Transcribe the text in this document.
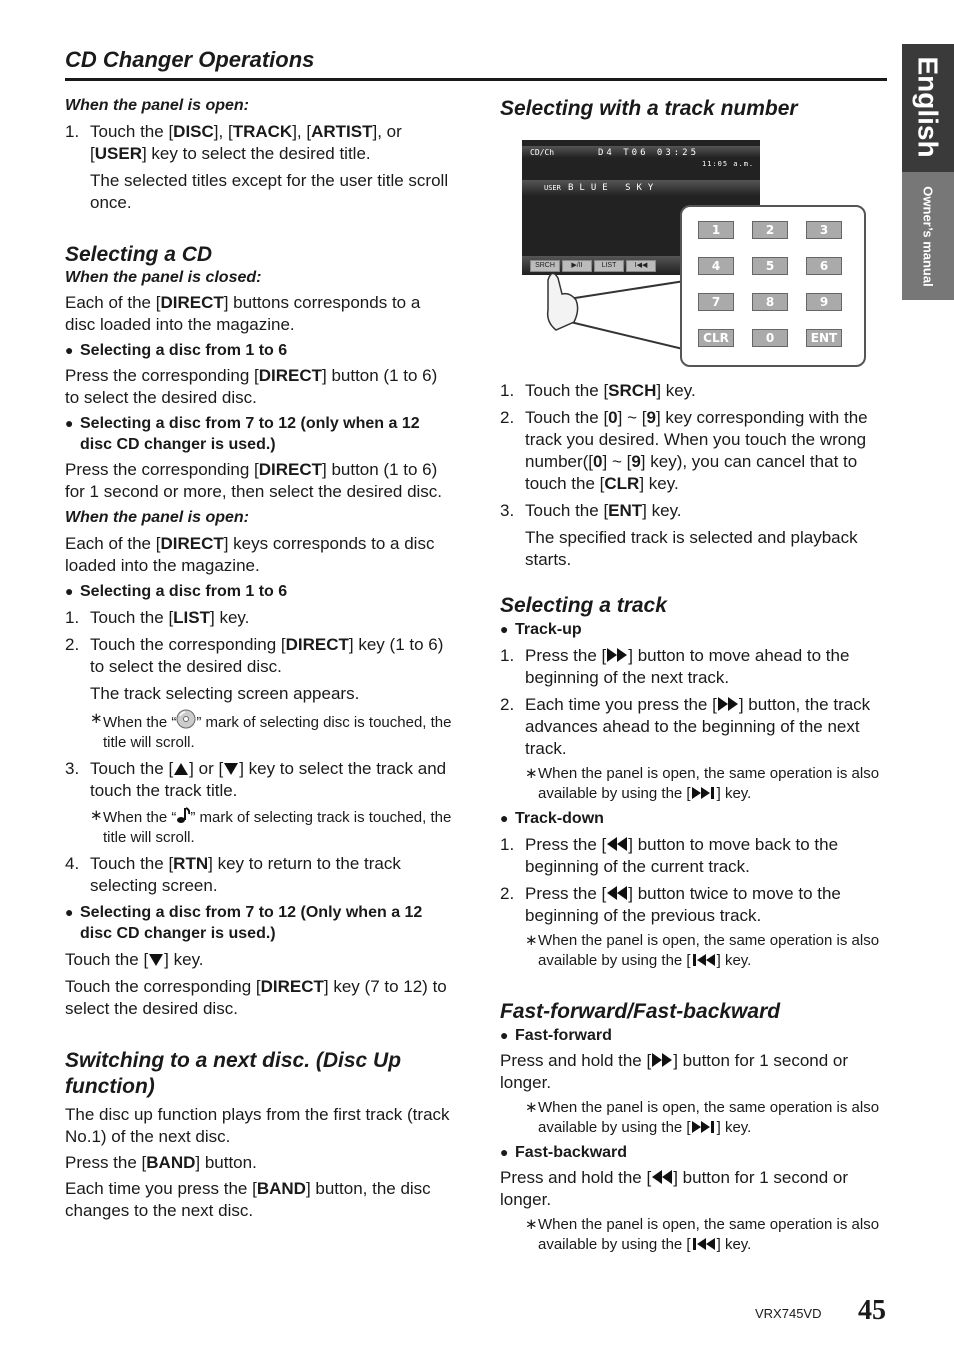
CD Changer Operations	English
Owner’s manual

When the panel is open:

1. Touch the [DISC], [TRACK], [ARTIST], or [USER] key to select the desired title.

The selected titles except for the user title scroll once.

Selecting a CD

When the panel is closed:

Each of the [DIRECT] buttons corresponds to a disc loaded into the magazine.

● Selecting a disc from 1 to 6

Press the corresponding [DIRECT] button (1 to 6) to select the desired disc.

● Selecting a disc from 7 to 12 (only when a 12 disc CD changer is used.)

Press the corresponding [DIRECT] button (1 to 6) for 1 second or more, then select the desired disc.

When the panel is open:

Each of the [DIRECT] keys corresponds to a disc loaded into the magazine.

● Selecting a disc from 1 to 6

1. Touch the [LIST] key.

2. Touch the corresponding [DIRECT] key (1 to 6) to select the desired disc.

The track selecting screen appears.

∗ When the “ ” mark of selecting disc is touched, the title will scroll.

3. Touch the [ ] or [ ] key to select the track and touch the track title.

∗ When the “ ” mark of selecting track is touched, the title will scroll.

4. Touch the [RTN] key to return to the track selecting screen.

● Selecting a disc from 7 to 12 (Only when a 12 disc CD changer is used.)

Touch the [ ] key.

Touch the corresponding [DIRECT] key (7 to 12) to select the desired disc.

Switching to a next disc. (Disc Up function)

The disc up function plays from the first track (track No.1) of the next disc.

Press the [BAND] button.

Each time you press the [BAND] button, the disc changes to the next disc.

Selecting with a track number

CD/Ch	D4 T06 03:25
11:05 a.m.
USER BLUE SKY
SRCH	▶/II	LIST	I◀◀
1	2	3
4	5	6
7	8	9
CLR	0	ENT

1. Touch the [SRCH] key.

2. Touch the [0] ~ [9] key corresponding with the track you desired. When you touch the wrong number([0] ~ [9] key), you can cancel that to touch the [CLR] key.

3. Touch the [ENT] key.

The specified track is selected and playback starts.

Selecting a track

● Track-up

1. Press the [ ] button to move ahead to the beginning of the next track.

2. Each time you press the [ ] button, the track advances ahead to the beginning of the next track.

∗ When the panel is open, the same operation is also available by using the [ ] key.

● Track-down

1. Press the [ ] button to move back to the beginning of the current track.

2. Press the [ ] button twice to move to the beginning of the previous track.

∗ When the panel is open, the same operation is also available by using the [ ] key.

Fast-forward/Fast-backward

● Fast-forward

Press and hold the [ ] button for 1 second or longer.

∗ When the panel is open, the same operation is also available by using the [ ] key.

● Fast-backward

Press and hold the [ ] button for 1 second or longer.

∗ When the panel is open, the same operation is also available by using the [ ] key.

VRX745VD 45
